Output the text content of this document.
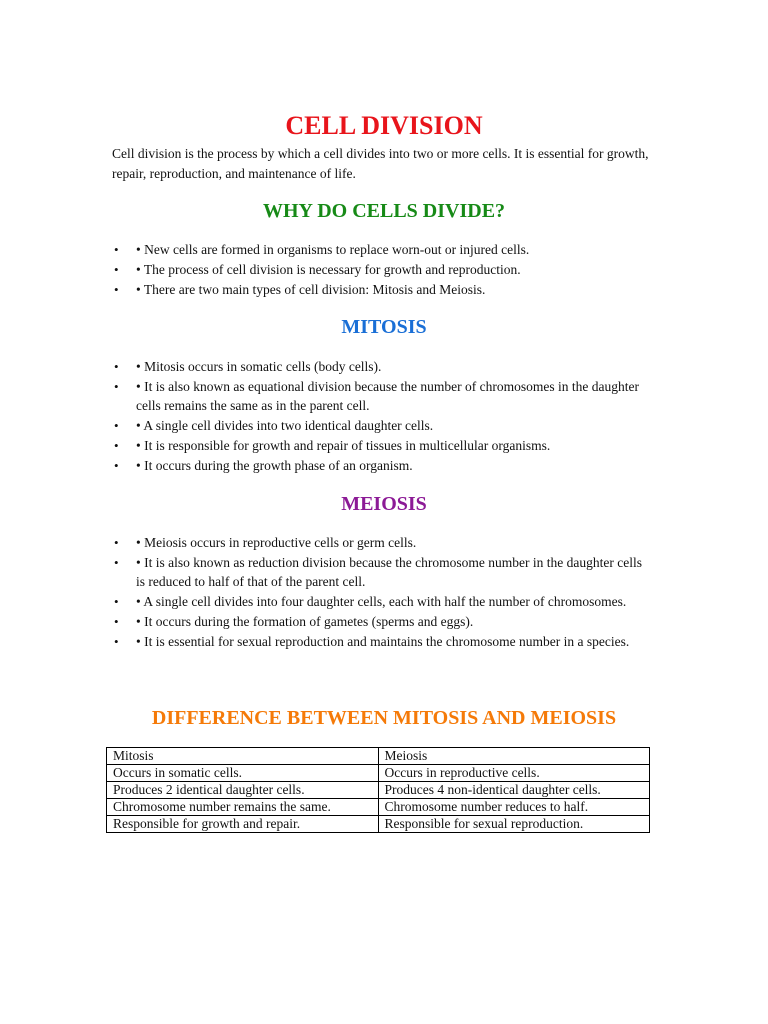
CELL DIVISION

Cell division is the process by which a cell divides into two or more cells. It is essential for growth, repair, reproduction, and maintenance of life.

WHY DO CELLS DIVIDE?
• • New cells are formed in organisms to replace worn-out or injured cells.
• • The process of cell division is necessary for growth and reproduction.
• • There are two main types of cell division: Mitosis and Meiosis.
MITOSIS
• • Mitosis occurs in somatic cells (body cells).
• • It is also known as equational division because the number of chromosomes in the daughter cells remains the same as in the parent cell.
• • A single cell divides into two identical daughter cells.
• • It is responsible for growth and repair of tissues in multicellular organisms.
• • It occurs during the growth phase of an organism.
MEIOSIS
• • Meiosis occurs in reproductive cells or germ cells.
• • It is also known as reduction division because the chromosome number in the daughter cells is reduced to half of that of the parent cell.
• • A single cell divides into four daughter cells, each with half the number of chromosomes.
• • It occurs during the formation of gametes (sperms and eggs).
• • It is essential for sexual reproduction and maintains the chromosome number in a species.
DIFFERENCE BETWEEN MITOSIS AND MEIOSIS
Mitosis	Meiosis
Occurs in somatic cells.	Occurs in reproductive cells.
Produces 2 identical daughter cells.	Produces 4 non-identical daughter cells.
Chromosome number remains the same.	Chromosome number reduces to half.
Responsible for growth and repair.	Responsible for sexual reproduction.
